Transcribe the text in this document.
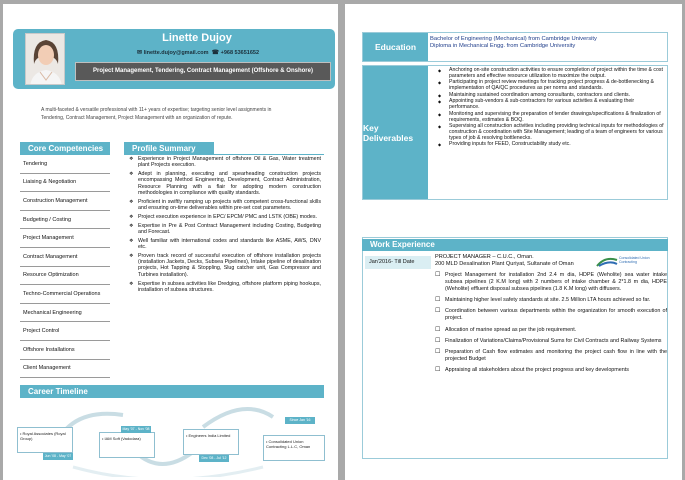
Linette Dujoy
✉ linette.dujoy@gmail.com ☎ +968 53651652
Project Management, Tendering, Contract Management (Offshore & Onshore)
A multi-faceted & versatile professional with 11+ years of expertise; targeting senior level assignments in Tendering, Contract Management, Project Management with an organization of repute.
Core Competencies
Tendering
Liaising & Negotiation
Construction Management
Budgeting / Costing
Project Management
Contract Management
Resource Optimization
Techno-Commercial Operations
Mechanical Engineering
Project Control
Offshore Installations
Client Management
Profile Summary
❖ Experience in Project Management of offshore Oil & Gas, Water treatment plant Projects execution.
❖ Adept in planning, executing and spearheading construction projects encompassing Method Engineering, Development, Contract Administration, Resource Planning with a flair for adopting modern construction methodologies in compliance with quality standards.
❖ Proficient in swiftly ramping up projects with competent cross-functional skills and ensuring on-time deliverables within pre-set cost parameters.
❖ Project execution experience in EPC/ EPCM/ PMC and LSTK (OBE) modes.
❖ Expertise in Pre & Post Contract Management including Costing, Budgeting and Forecast.
❖ Well familiar with international codes and standards like ASME, AWS, DNV etc.
❖ Proven track record of successful execution of offshore installation projects (installation Jackets, Decks, Subsea Pipelines), Intake pipeline of desalination projects, Hot Tapping & Stoppling, Slug catcher unit, Gas Compressor and Turbines installation).
❖ Expertise in subsea activities like Dredging, offshore platform piping hookups, installation of subsea structures.
Career Timeline
• Royal Associates (Royal Group)
Jun '08 - May '07
• IAM Soft (Vadodara)
May '07 - Nov '08
• Engineers India Limited
Dec '08 - Jul '12
• Consolidated Union Contracting L.L.C, Oman
Since Jan '16
Education
Bachelor of Engineering (Mechanical) from Cambridge University
Diploma in Mechanical Engg. from Cambridge University
Key Deliverables
◆ Anchoring on-site construction activities to ensure completion of project within the time & cost parameters and effective resource utilization to maximize the output.
◆ Participating in project review meetings for tracking project progress & de-bottlenecking & implementation of QA/QC procedures as per norms and standards.
◆ Maintaining sustained coordination among consultants, contractors and clients.
◆ Appointing sub-vendors & sub-contractors for various activities & evaluating their performance.
◆ Monitoring and supervising the preparation of tender drawings/specifications & finalization of requirements, estimates & BOQ.
◆ Supervising all construction activities including providing technical inputs for methodologies of construction & coordination with Site Management; leading of a team of engineers for various types of job & resolving bottlenecks.
◆ Providing inputs for FEED, Constructability study etc.
Work Experience
Jan'2016- Till Date
PROJECT MANAGER – C.U.C., Oman.
200 MLD Desalination Plant Quriyat, Sultanate of Oman
Consolidated Union Contracting
☐ Project Management for installation 2nd 2.4 m dia, HDPE (Weholite) sea water intake subsea pipelines (2 K.M long) with 2 numbers of intake chamber & 2*1.8 m dia, HDPE (Weholite) effluent disposal subsea pipelines (1.8 K.M long) with diffusers.
☐ Maintaining higher level safety standards at site. 2.5 Million LTA hours achieved so far.
☐ Coordination between various departments within the organization for smooth execution of project.
☐ Allocation of marine spread as per the job requirement.
☐ Finalization of Variations/Claims/Provisional Sums for Civil Contracts and Railway Systems
☐ Preparation of Cash flow estimates and monitoring the project cash flow in line with the projected Budget
☐ Appraising all stakeholders about the project progress and key developments
